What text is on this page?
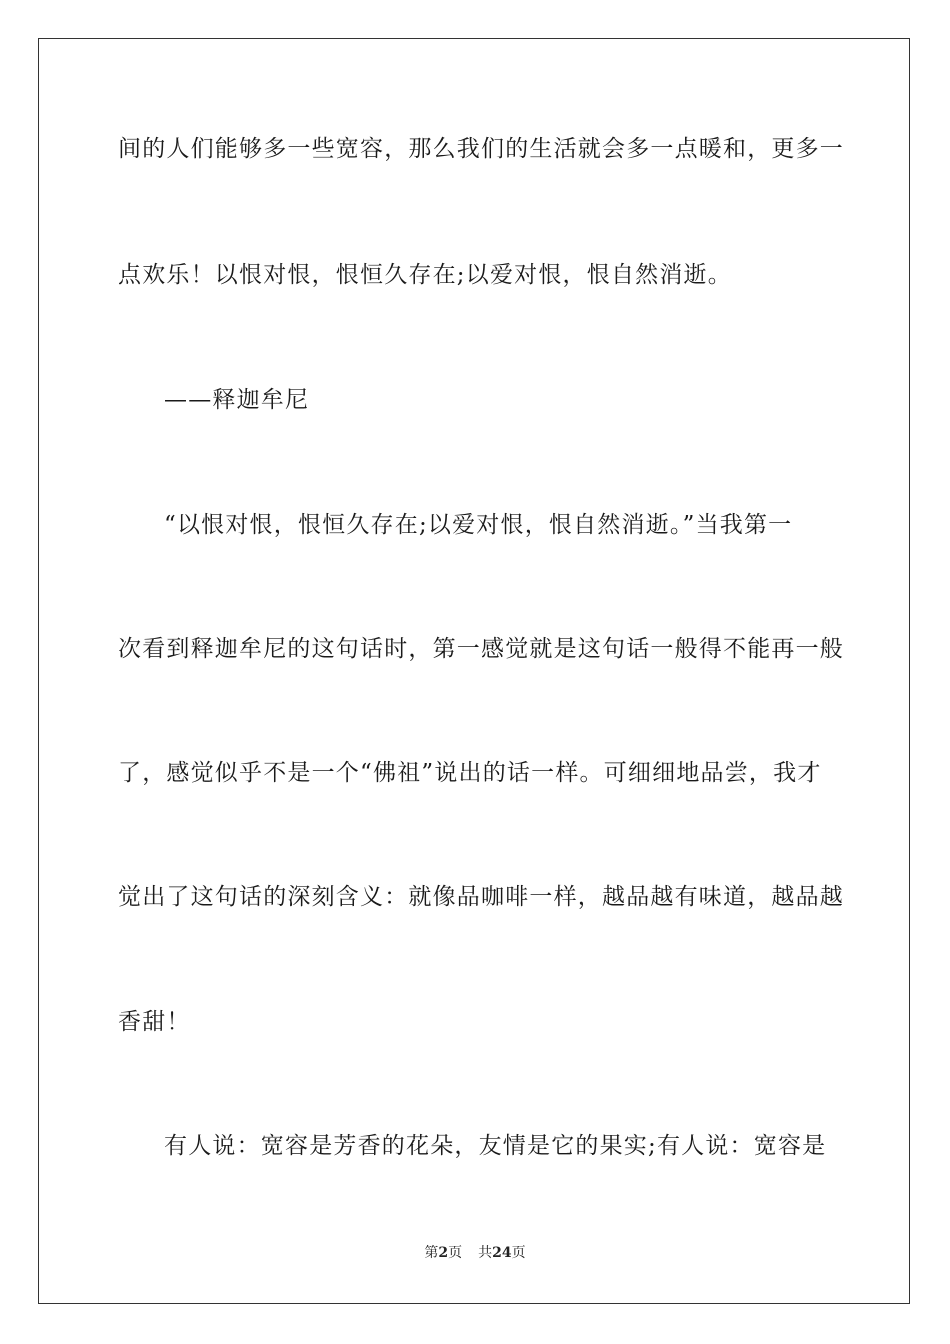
间的人们能够多一些宽容，那么我们的生活就会多一点暖和，更多一
点欢乐！以恨对恨，恨恒久存在;以爱对恨，恨自然消逝。
——释迦牟尼
“以恨对恨，恨恒久存在;以爱对恨，恨自然消逝。”当我第一
次看到释迦牟尼的这句话时，第一感觉就是这句话一般得不能再一般
了，感觉似乎不是一个“佛祖”说出的话一样。可细细地品尝，我才
觉出了这句话的深刻含义：就像品咖啡一样，越品越有味道，越品越
香甜！
有人说：宽容是芳香的花朵，友情是它的果实;有人说：宽容是
第2页 共24页
